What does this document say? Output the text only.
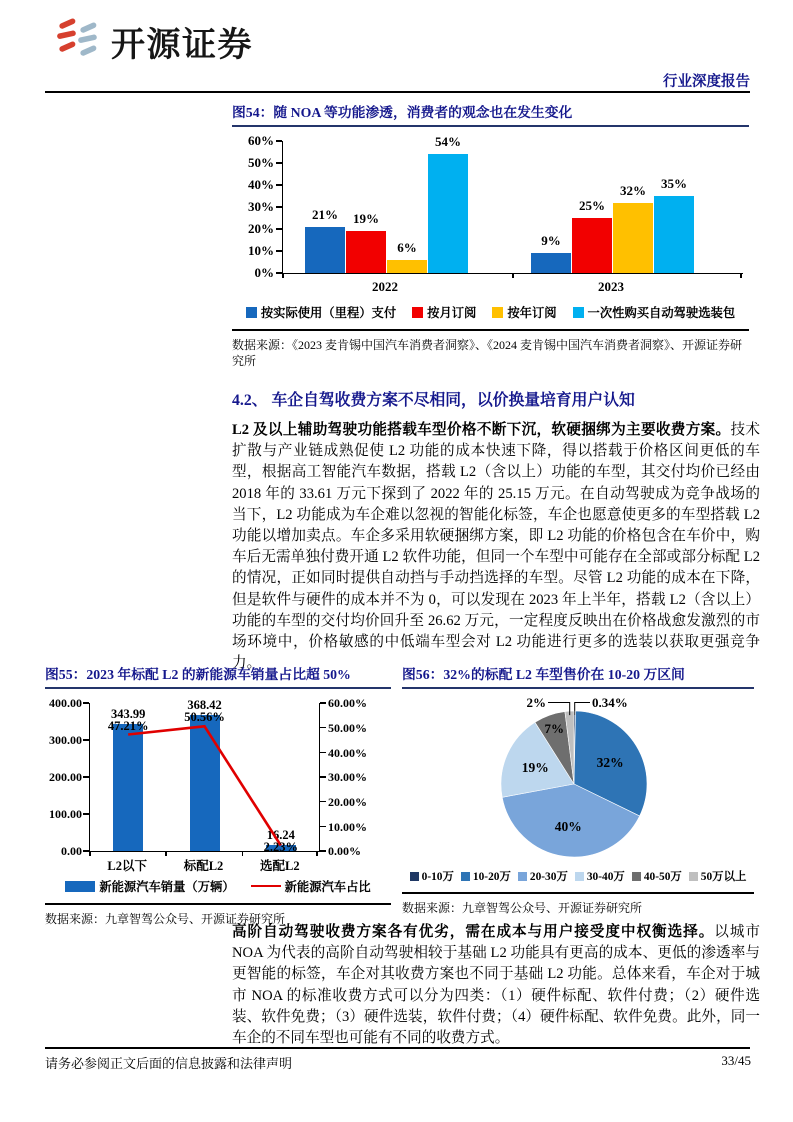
开源证券
行业深度报告
图54：随 NOA 等功能渗透，消费者的观念也在发生变化
21%	19%
6%
54%
9%
25%
32%	35%
60%
50%
40%
30%
20%
10%
0%
2022	2023
按实际使用（里程）支付	按月订阅	按年订阅	一次性购买自动驾驶选装包
数据来源：《2023 麦肯锡中国汽车消费者洞察》、《2024 麦肯锡中国汽车消费者洞察》、开源证券研究所
4.2、 车企自驾收费方案不尽相同，以价换量培育用户认知

L2 及以上辅助驾驶功能搭载车型价格不断下沉，软硬捆绑为主要收费方案。技术扩散与产业链成熟促使 L2 功能的成本快速下降，得以搭载于价格区间更低的车型，根据高工智能汽车数据，搭载 L2（含以上）功能的车型，其交付均价已经由 2018 年的 33.61 万元下探到了 2022 年的 25.15 万元。在自动驾驶成为竞争战场的当下，L2 功能成为车企难以忽视的智能化标签，车企也愿意使更多的车型搭载 L2 功能以增加卖点。车企多采用软硬捆绑方案，即 L2 功能的价格包含在车价中，购车后无需单独付费开通 L2 软件功能，但同一个车型中可能存在全部或部分标配 L2 的情况，正如同时提供自动挡与手动挡选择的车型。尽管 L2 功能的成本在下降，但是软件与硬件的成本并不为 0，可以发现在 2023 年上半年，搭载 L2（含以上）功能的车型的交付均价回升至 26.62 万元，一定程度反映出在价格战愈发激烈的市场环境中，价格敏感的中低端车型会对 L2 功能进行更多的选装以获取更强竞争力。

图55：2023 年标配 L2 的新能源车销量占比超 50%
343.99
368.42
16.24
47.21%
50.56%
2.23%
400.00
300.00
200.00
100.00
0.00
60.00%
50.00%
40.00%
30.00%
20.00%
10.00%
0.00%
L2以下	标配L2	选配L2
新能源汽车销量（万辆）	新能源汽车占比
数据来源：九章智驾公众号、开源证券研究所
图56：32%的标配 L2 车型售价在 10-20 万区间
0.34%
32%
40%
19%
7%
2%
0-10万 10-20万 20-30万 30-40万 40-50万 50万以上
数据来源：九章智驾公众号、开源证券研究所

高阶自动驾驶收费方案各有优劣，需在成本与用户接受度中权衡选择。以城市 NOA 为代表的高阶自动驾驶相较于基础 L2 功能具有更高的成本、更低的渗透率与更智能的标签，车企对其收费方案也不同于基础 L2 功能。总体来看，车企对于城市 NOA 的标准收费方式可以分为四类：（1）硬件标配、软件付费；（2）硬件选装、软件免费；（3）硬件选装，软件付费；（4）硬件标配、软件免费。此外，同一车企的不同车型也可能有不同的收费方式。

请务必参阅正文后面的信息披露和法律声明	33/45
